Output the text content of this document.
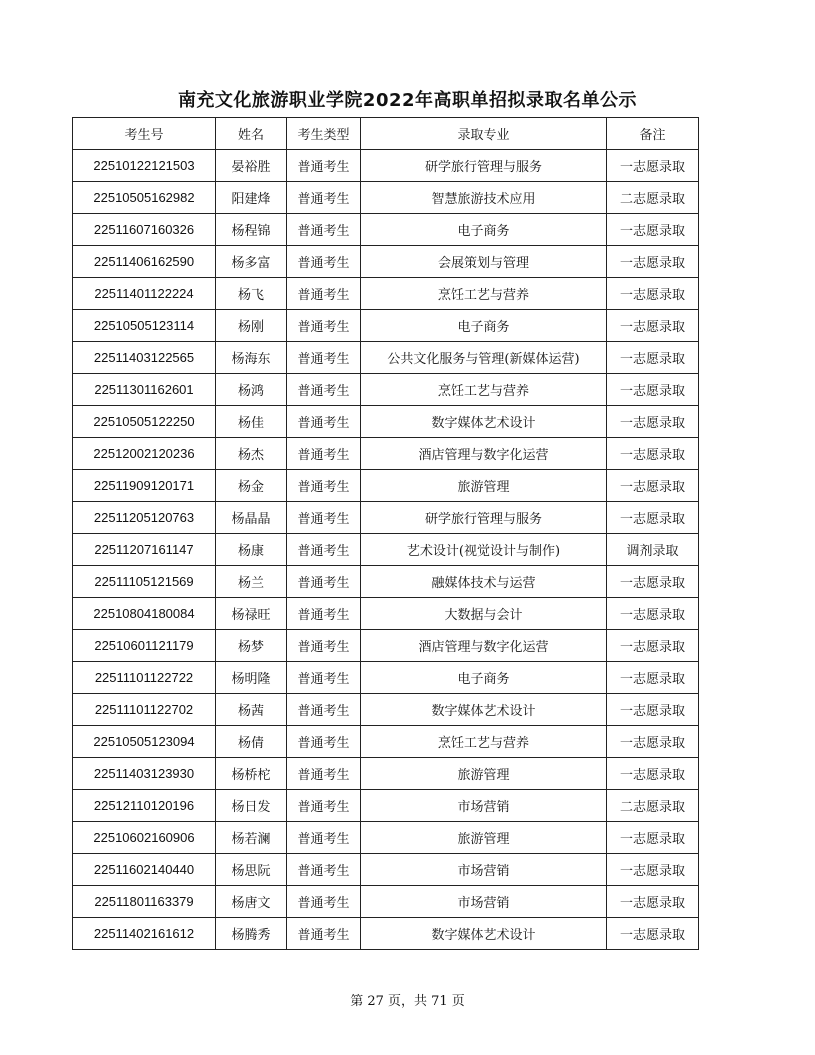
南充文化旅游职业学院2022年高职单招拟录取名单公示
考生号	姓名	考生类型	录取专业	备注
22510122121503	晏裕胜	普通考生	研学旅行管理与服务	一志愿录取
22510505162982	阳建烽	普通考生	智慧旅游技术应用	二志愿录取
22511607160326	杨程锦	普通考生	电子商务	一志愿录取
22511406162590	杨多富	普通考生	会展策划与管理	一志愿录取
22511401122224	杨飞	普通考生	烹饪工艺与营养	一志愿录取
22510505123114	杨刚	普通考生	电子商务	一志愿录取
22511403122565	杨海东	普通考生	公共文化服务与管理(新媒体运营)	一志愿录取
22511301162601	杨鸿	普通考生	烹饪工艺与营养	一志愿录取
22510505122250	杨佳	普通考生	数字媒体艺术设计	一志愿录取
22512002120236	杨杰	普通考生	酒店管理与数字化运营	一志愿录取
22511909120171	杨金	普通考生	旅游管理	一志愿录取
22511205120763	杨晶晶	普通考生	研学旅行管理与服务	一志愿录取
22511207161147	杨康	普通考生	艺术设计(视觉设计与制作)	调剂录取
22511105121569	杨兰	普通考生	融媒体技术与运营	一志愿录取
22510804180084	杨禄旺	普通考生	大数据与会计	一志愿录取
22510601121179	杨梦	普通考生	酒店管理与数字化运营	一志愿录取
22511101122722	杨明隆	普通考生	电子商务	一志愿录取
22511101122702	杨茜	普通考生	数字媒体艺术设计	一志愿录取
22510505123094	杨倩	普通考生	烹饪工艺与营养	一志愿录取
22511403123930	杨桥柁	普通考生	旅游管理	一志愿录取
22512110120196	杨日发	普通考生	市场营销	二志愿录取
22510602160906	杨若澜	普通考生	旅游管理	一志愿录取
22511602140440	杨思阮	普通考生	市场营销	一志愿录取
22511801163379	杨唐文	普通考生	市场营销	一志愿录取
22511402161612	杨腾秀	普通考生	数字媒体艺术设计	一志愿录取
第 27 页，共 71 页
